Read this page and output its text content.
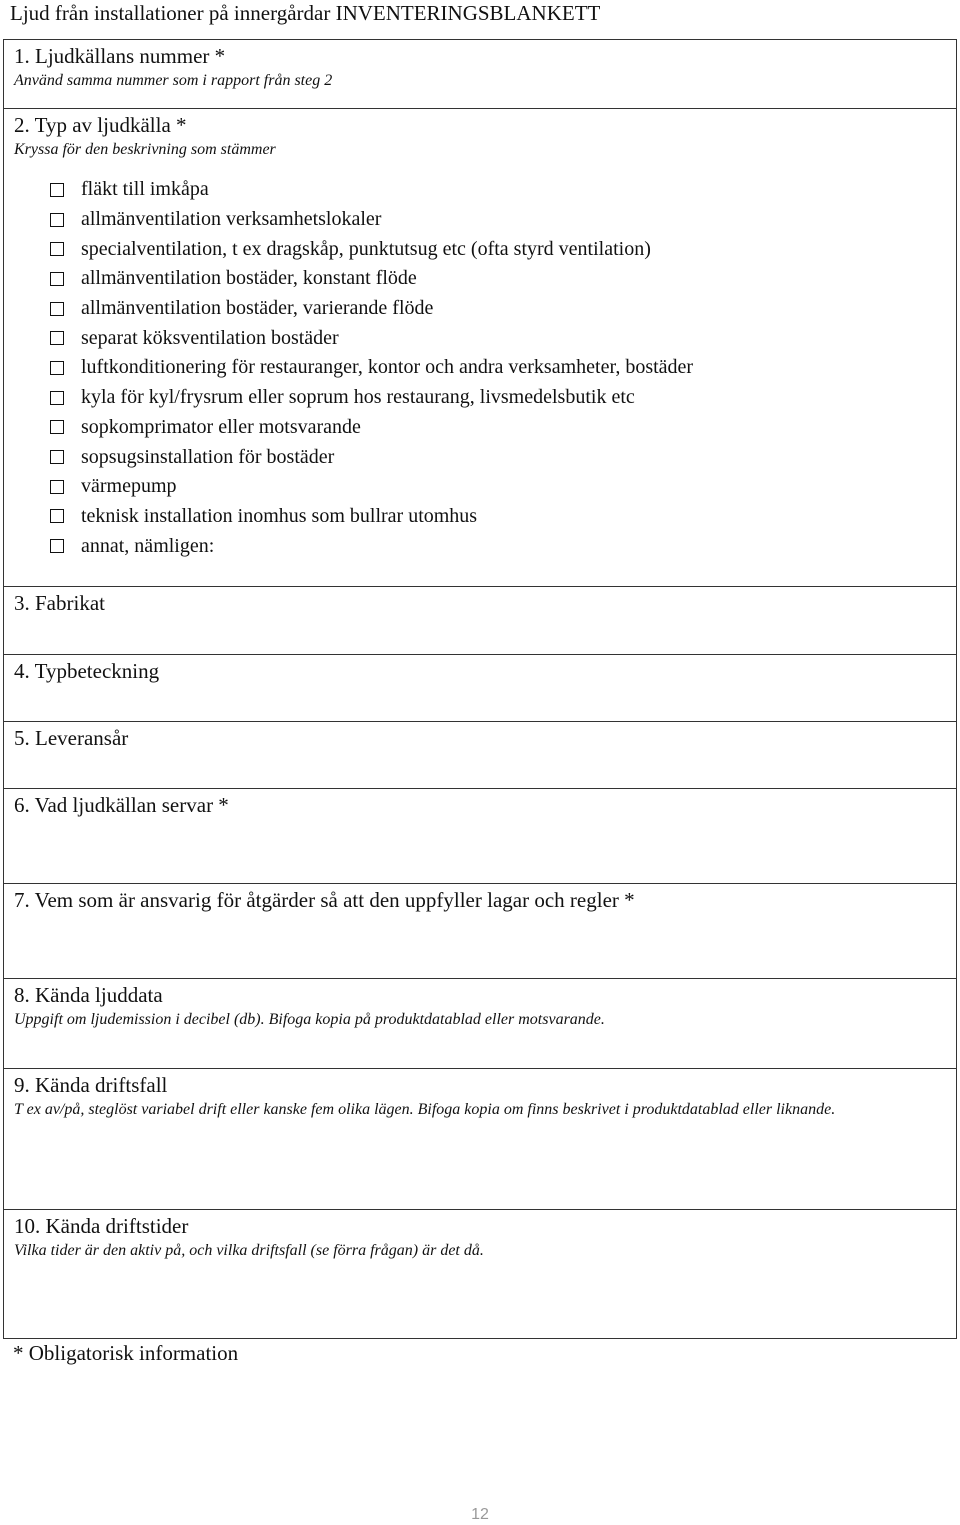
Ljud från installationer på innergårdar INVENTERINGSBLANKETT
1. Ljudkällans nummer *
Använd samma nummer som i rapport från steg 2
2. Typ av ljudkälla *
Kryssa för den beskrivning som stämmer
fläkt till imkåpa
allmänventilation verksamhetslokaler
specialventilation, t ex dragskåp, punktutsug etc (ofta styrd ventilation)
allmänventilation bostäder, konstant flöde
allmänventilation bostäder, varierande flöde
separat köksventilation bostäder
luftkonditionering för restauranger, kontor och andra verksamheter, bostäder
kyla för kyl/frysrum eller soprum hos restaurang, livsmedelsbutik etc
sopkomprimator eller motsvarande
sopsugsinstallation för bostäder
värmepump
teknisk installation inomhus som bullrar utomhus
annat, nämligen:
3. Fabrikat
4. Typbeteckning
5. Leveransår
6. Vad ljudkällan servar *
7. Vem som är ansvarig för åtgärder så att den uppfyller lagar och regler *
8. Kända ljuddata
Uppgift om ljudemission i decibel (db). Bifoga kopia på produktdatablad eller motsvarande.
9. Kända driftsfall
T ex av/på, steglöst variabel drift eller kanske fem olika lägen. Bifoga kopia om finns beskrivet i produktdatablad eller liknande.
10. Kända driftstider
Vilka tider är den aktiv på, och vilka driftsfall (se förra frågan) är det då.
* Obligatorisk information
12
